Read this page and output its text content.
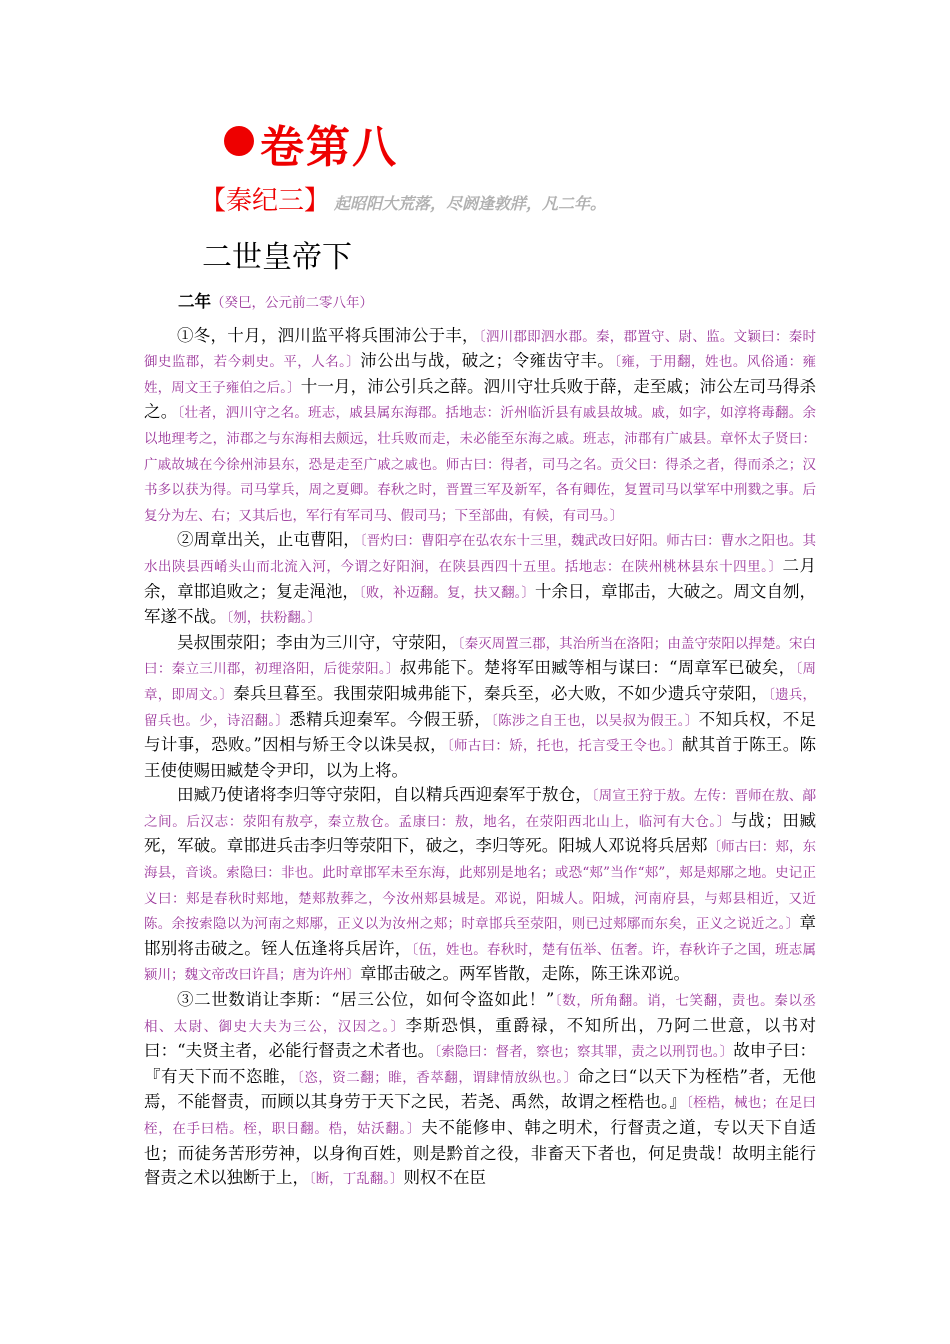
卷第八
【秦纪三】 起昭阳大荒落，尽阏逢敦牂，凡二年。
二世皇帝下

二年（癸巳，公元前二零八年）

①冬，十月，泗川监平将兵围沛公于丰，〔泗川郡即泗水郡。秦，郡置守、尉、监。文颖曰：秦时御史监郡，若今刺史。平，人名。〕沛公出与战，破之；令雍齿守丰。〔雍，于用翻，姓也。风俗通：雍姓，周文王子雍伯之后。〕十一月，沛公引兵之薛。泗川守壮兵败于薛，走至戚；沛公左司马得杀之。〔壮者，泗川守之名。班志，戚县属东海郡。括地志：沂州临沂县有戚县故城。戚，如字，如淳将毒翻。余以地理考之，沛郡之与东海相去颇远，壮兵败而走，未必能至东海之戚。班志，沛郡有广戚县。章怀太子贤曰：广戚故城在今徐州沛县东，恐是走至广戚之戚也。师古曰：得者，司马之名。贡父曰：得杀之者，得而杀之；汉书多以获为得。司马掌兵，周之夏卿。春秋之时，晋置三军及新军，各有卿佐，复置司马以掌军中刑戮之事。后复分为左、右；又其后也，军行有军司马、假司马；下至部曲，有候，有司马。〕

②周章出关，止屯曹阳，〔晋灼曰：曹阳亭在弘农东十三里，魏武改曰好阳。师古曰：曹水之阳也。其水出陕县西崤头山而北流入河，今谓之好阳涧，在陕县西四十五里。括地志：在陕州桃林县东十四里。〕二月余，章邯追败之；复走渑池，〔败，补迈翻。复，扶又翻。〕十余日，章邯击，大破之。周文自刎，军遂不战。〔刎，扶粉翻。〕

吴叔围荥阳；李由为三川守，守荥阳，〔秦灭周置三郡，其治所当在洛阳；由盖守荥阳以捍楚。宋白曰：秦立三川郡，初理洛阳，后徙荥阳。〕叔弗能下。楚将军田臧等相与谋曰：“周章军已破矣，〔周章，即周文。〕秦兵旦暮至。我围荥阳城弗能下，秦兵至，必大败，不如少遗兵守荥阳，〔遗兵，留兵也。少，诗沼翻。〕悉精兵迎秦军。今假王骄，〔陈涉之自王也，以吴叔为假王。〕不知兵权，不足与计事，恐败。”因相与矫王令以诛吴叔，〔师古曰：矫，托也，托言受王令也。〕献其首于陈王。陈王使使赐田臧楚令尹印，以为上将。

田臧乃使诸将李归等守荥阳，自以精兵西迎秦军于敖仓，〔周宣王狩于敖。左传：晋师在敖、鄗之间。后汉志：荥阳有敖亭，秦立敖仓。孟康曰：敖，地名，在荥阳西北山上，临河有大仓。〕与战；田臧死，军破。章邯进兵击李归等荥阳下，破之，李归等死。阳城人邓说将兵居郏〔师古曰：郏，东海县，音谈。索隐曰：非也。此时章邯军未至东海，此郏别是地名；或恐“郏”当作“郏”，郏是郏鄏之地。史记正义曰：郏是春秋时郏地，楚郏敖葬之，今汝州郏县城是。邓说，阳城人。阳城，河南府县，与郏县相近，又近陈。余按索隐以为河南之郏鄏，正义以为汝州之郏；时章邯兵至荥阳，则已过郏鄏而东矣，正义之说近之。〕章邯别将击破之。铚人伍逢将兵居许，〔伍，姓也。春秋时，楚有伍举、伍奢。许，春秋许子之国，班志属颍川；魏文帝改曰许昌；唐为许州〕章邯击破之。两军皆散，走陈，陈王诛邓说。

③二世数诮让李斯：“居三公位，如何令盗如此！”〔数，所角翻。诮，七笑翻，责也。秦以丞相、太尉、御史大夫为三公，汉因之。〕李斯恐惧，重爵禄，不知所出，乃阿二世意，以书对曰：“夫贤主者，必能行督责之术者也。〔索隐曰：督者，察也；察其罪，责之以刑罚也。〕故申子曰：『有天下而不恣睢，〔恣，资二翻；睢，香萃翻，谓肆情放纵也。〕命之曰“以天下为桎梏”者，无他焉，不能督责，而顾以其身劳于天下之民，若尧、禹然，故谓之桎梏也。』〔桎梏，械也；在足曰桎，在手曰梏。桎，职日翻。梏，姑沃翻。〕夫不能修申、韩之明术，行督责之道，专以天下自适也；而徒务苦形劳神，以身徇百姓，则是黔首之役，非畜天下者也，何足贵哉！故明主能行督责之术以独断于上，〔断，丁乱翻。〕则权不在臣
